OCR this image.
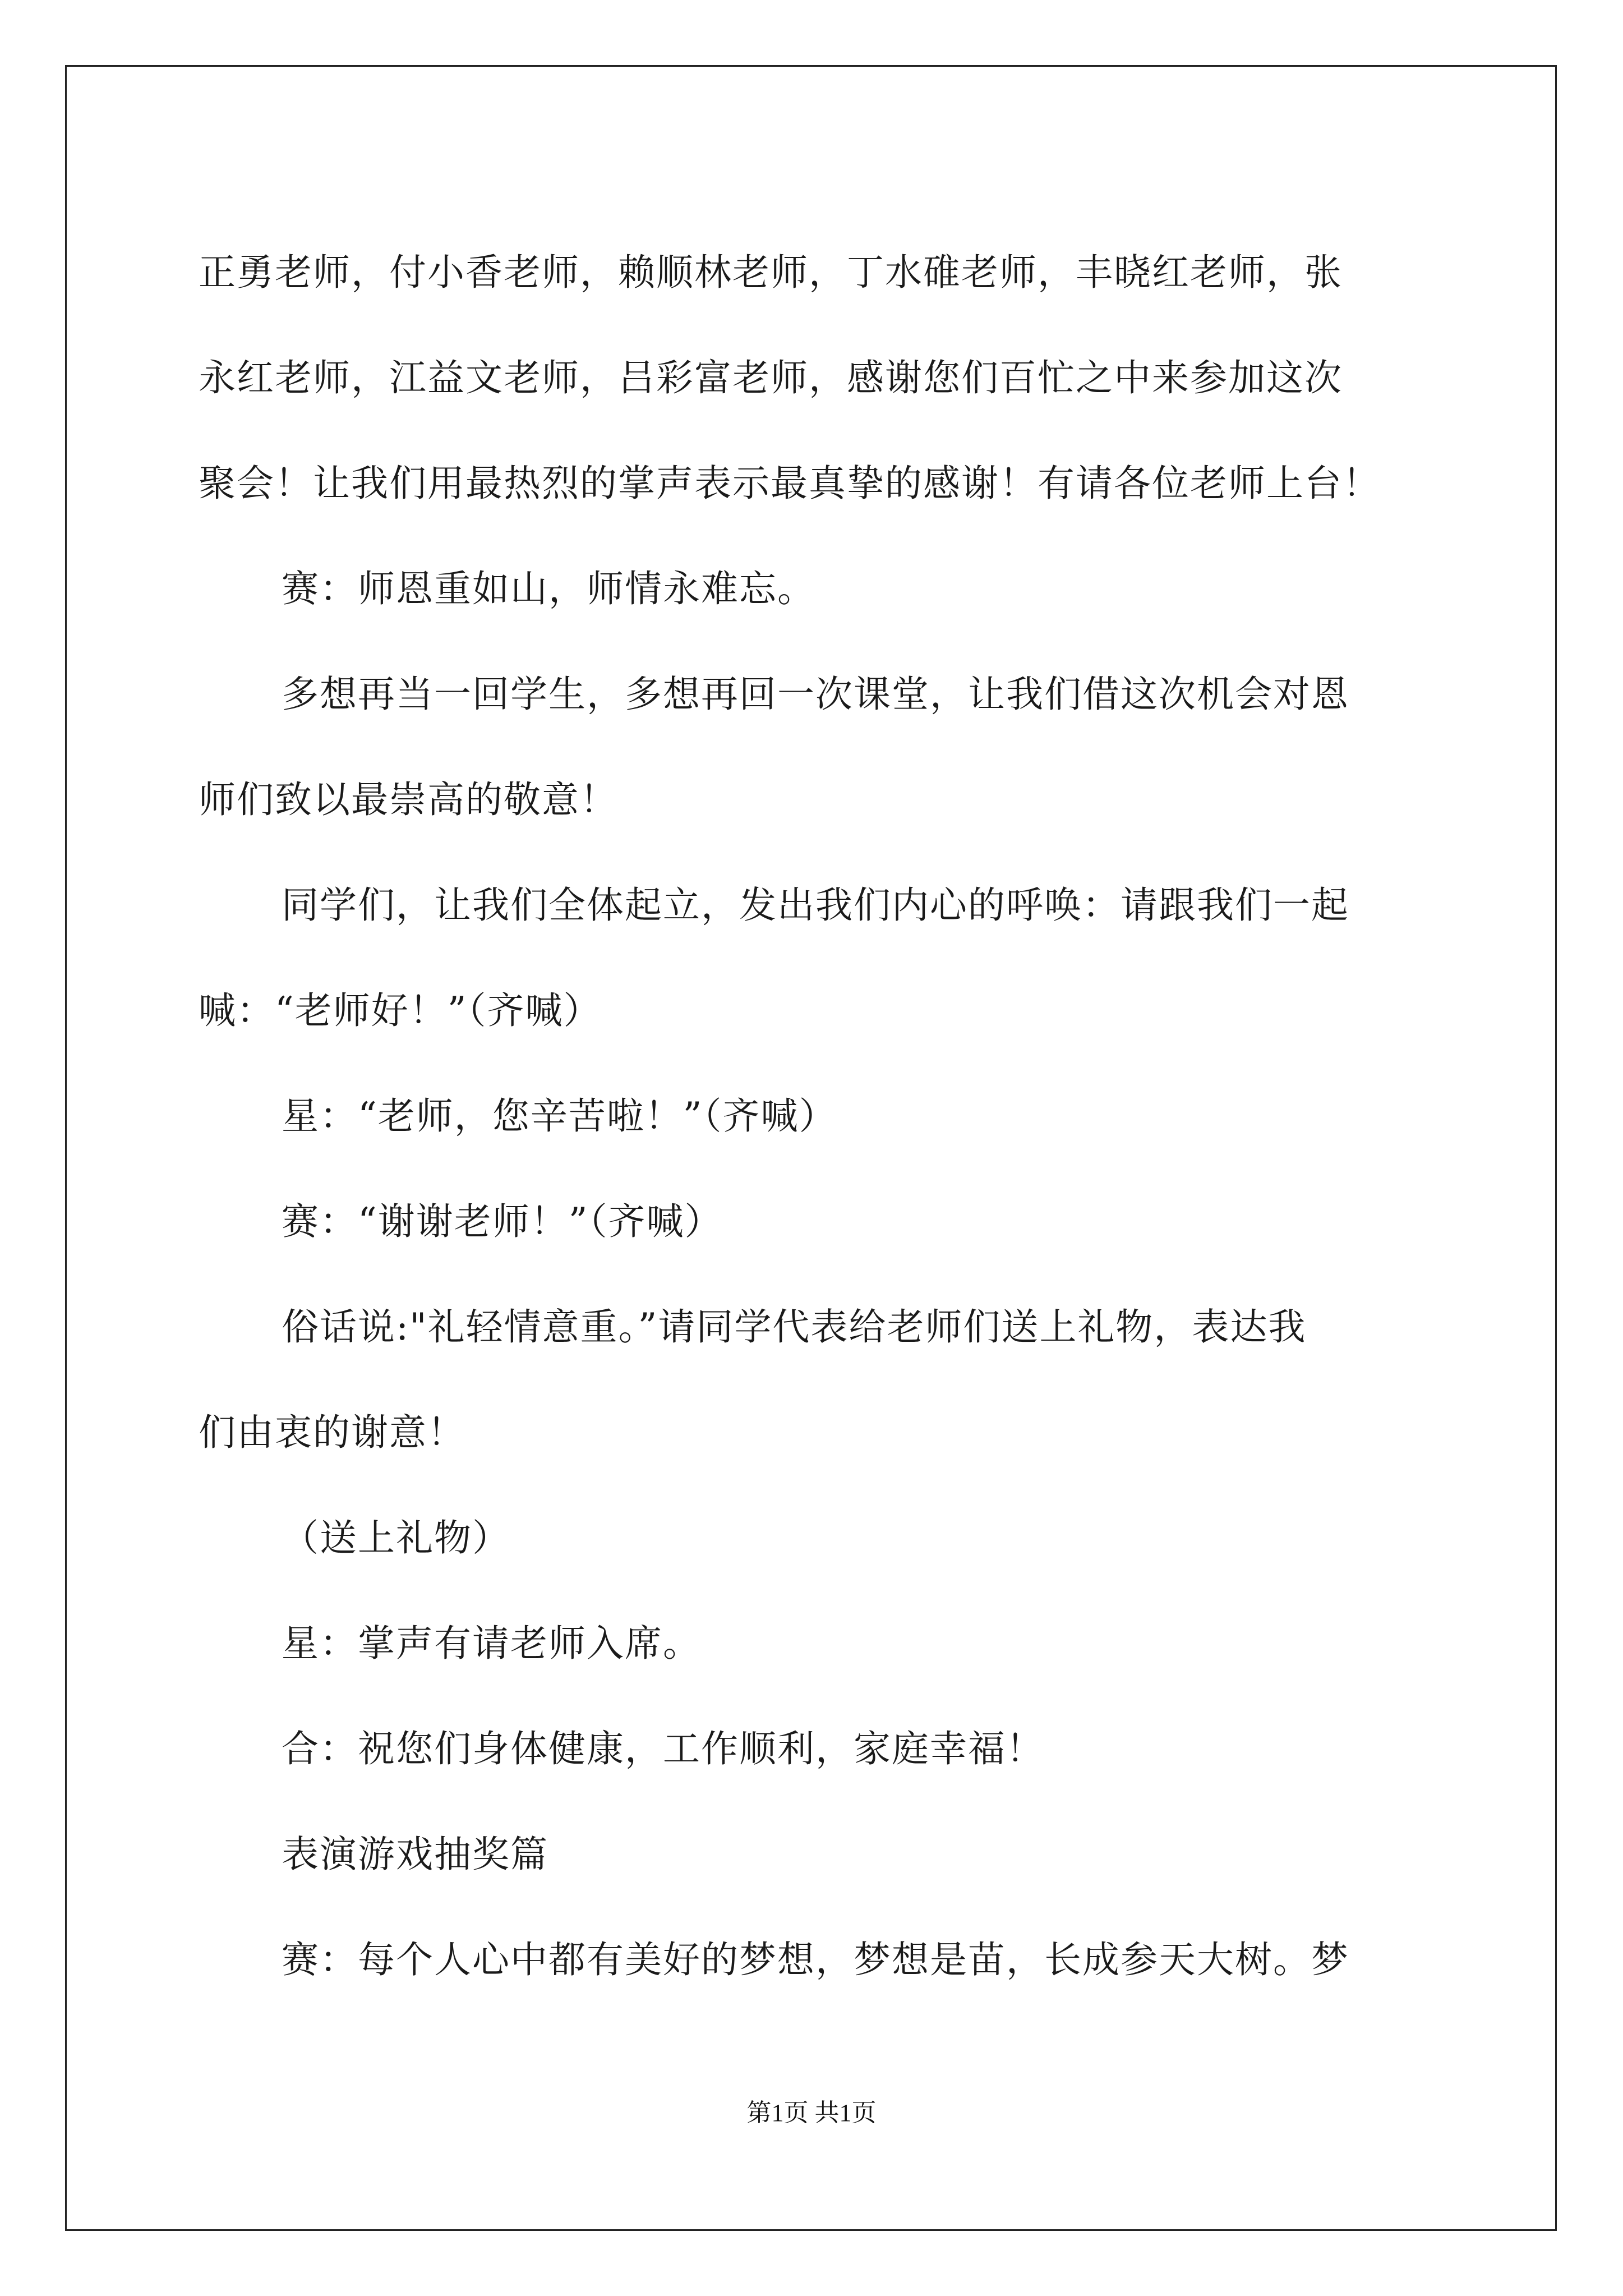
正勇老师，付小香老师，赖顺林老师，丁水碓老师，丰晓红老师，张

永红老师，江益文老师，吕彩富老师，感谢您们百忙之中来参加这次

聚会！让我们用最热烈的掌声表示最真挚的感谢！有请各位老师上台！

赛：师恩重如山，师情永难忘。

多想再当一回学生，多想再回一次课堂，让我们借这次机会对恩

师们致以最崇高的敬意！

同学们，让我们全体起立，发出我们内心的呼唤：请跟我们一起

喊：“老师好！”（齐喊）

星：“老师，您辛苦啦！”（齐喊）

赛：“谢谢老师！”（齐喊）

俗话说:"礼轻情意重。”请同学代表给老师们送上礼物，表达我

们由衷的谢意！

（送上礼物）

星：掌声有请老师入席。

合：祝您们身体健康，工作顺利，家庭幸福！

表演游戏抽奖篇

赛：每个人心中都有美好的梦想，梦想是苗，长成参天大树。梦

第1页 共1页
